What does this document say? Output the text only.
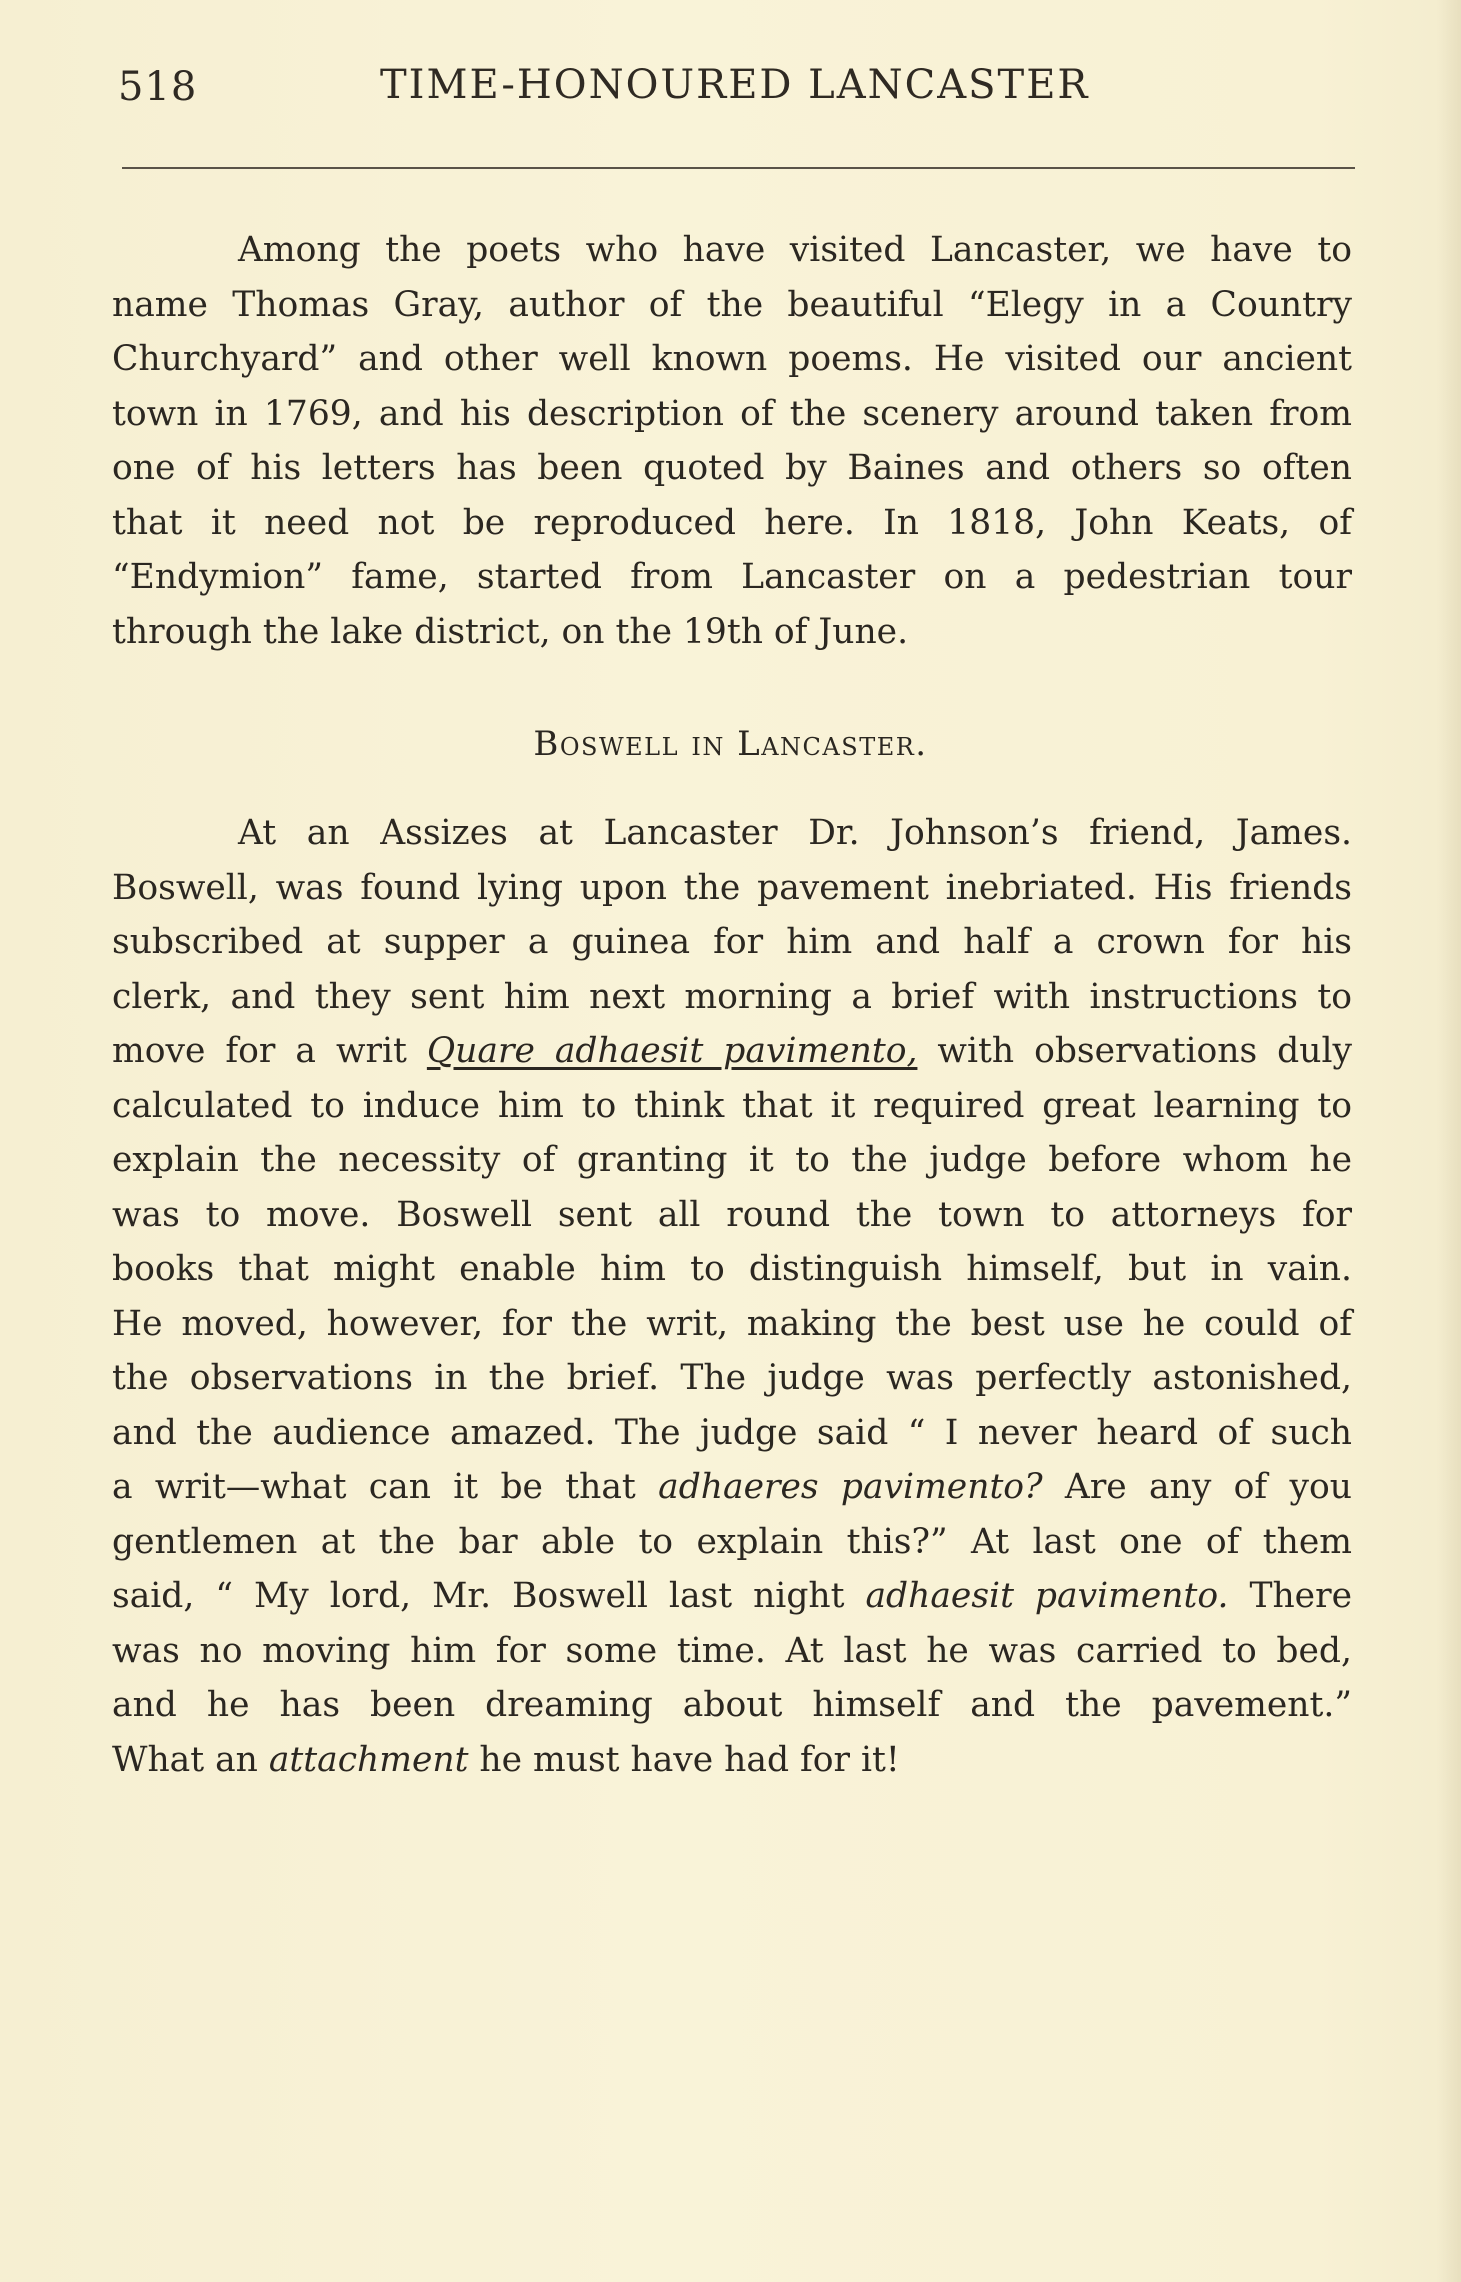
518	TIME-HONOURED LANCASTER
Among the poets who have visited Lancaster, we have to
name Thomas Gray, author of the beautiful “Elegy in a Country
Churchyard” and other well known poems. He visited our ancient
town in 1769, and his description of the scenery around taken from
one of his letters has been quoted by Baines and others so often
that it need not be reproduced here. In 1818, John Keats, of
“Endymion” fame, started from Lancaster on a pedestrian tour
through the lake district, on the 19th of June.
Boswell in Lancaster.
At an Assizes at Lancaster Dr. Johnson’s friend, James.
Boswell, was found lying upon the pavement inebriated. His friends
subscribed at supper a guinea for him and half a crown for his
clerk, and they sent him next morning a brief with instructions to
move for a writ Quare adhaesit pavimento, with observations duly
calculated to induce him to think that it required great learning to
explain the necessity of granting it to the judge before whom he
was to move. Boswell sent all round the town to attorneys for
books that might enable him to distinguish himself, but in vain.
He moved, however, for the writ, making the best use he could of
the observations in the brief. The judge was perfectly astonished,
and the audience amazed. The judge said “ I never heard of such
a writ—what can it be that adhaeres pavimento? Are any of you
gentlemen at the bar able to explain this?” At last one of them
said, “ My lord, Mr. Boswell last night adhaesit pavimento. There
was no moving him for some time. At last he was carried to bed,
and he has been dreaming about himself and the pavement.”
What an attachment he must have had for it!
